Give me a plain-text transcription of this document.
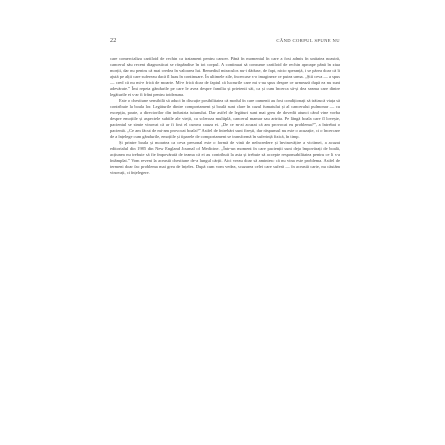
22	CÂND CORPUL SPUNE NU

care comercializa cartiloid de rechin ca tratament pentru cancer. Până în momentul în care a fost admis în unitatea noastră, cancerul său recent diagnosticat se răspândise în tot corpul. A continuat să consume cartiloid de rechin aproape până în ziua morții, dar nu pentru că mai credea în valoarea lui. Remediul miraculos nu-i dăduse, de fapt, nicio speranță, i se părea doar că îi ajută pe alții care sufereau dacă îl luau în continuare. În ultimele zile, încercase s-o imagineze ce putea urma. „Știi ceva — a spus — cred că nu mi-e frică de moarte. Mi-e frică doar de faptul că lucrurile care mi s-au spus despre ce urmează după ea nu sunt adevărate.” Îmi repeta gândurile pe care le avea despre familia și prietenii săi, ca și cum încerca să-și dea seama care dintre legăturile ei s-ar fi frânt pentru totdeauna.

Este o chestiune sensibilă să aduci în discuție posibilitatea că modul în care oamenii au fost condiționați să trăiască viața să contribuie la boala lor. Legăturile dintre comportament și boală sunt clare în cazul fumatului și al cancerului pulmonar — cu excepția, poate, a directorilor din industria tutunului. Dar astfel de legături sunt mai greu de dovedit atunci când vine vorba despre emoțiile și aspectele subtile ale vieții, ca scleroza multiplă, cancerul mamar sau artrita. Pe lângă boala care îl lovește, pacientul se simte vinovat că ar fi fost el cumva cauza ei. „De ce m-ai acuzat că am provocat eu problema?”, a întrebat o pacientă. „Ce am făcut de mi-am provocat boala?” Astfel de întrebări sunt firești, dar răspunsul nu este o acuzație, ci o încercare de a înțelege cum gândurile, emoțiile și tiparele de comportament se transformă în suferință fizică, în timp.

Și printre boala și moartea ca ceva personal este o formă de vină de neîncredere și învinovățire a victimei, a acuzat editorialul din 1985 din New England Journal of Medicine. „Într-un moment în care pacienții sunt deja împovărați de boală, acțiunea nu trebuie să fie împovărată de teama că ei au contribuit la asta și trebuie să accepte responsabilitatea pentru ce li s-a întâmplat.” Vom reveni la această chestiune de-a lungul cărții. Aici vreau doar să amintesc că nu vina este problema. Astfel de termeni doar fac problema mai grea de înțeles. După cum vom vedea, scuzarea celei care suferă — în această carte, nu căutăm vinovați, ci înțelegere.
